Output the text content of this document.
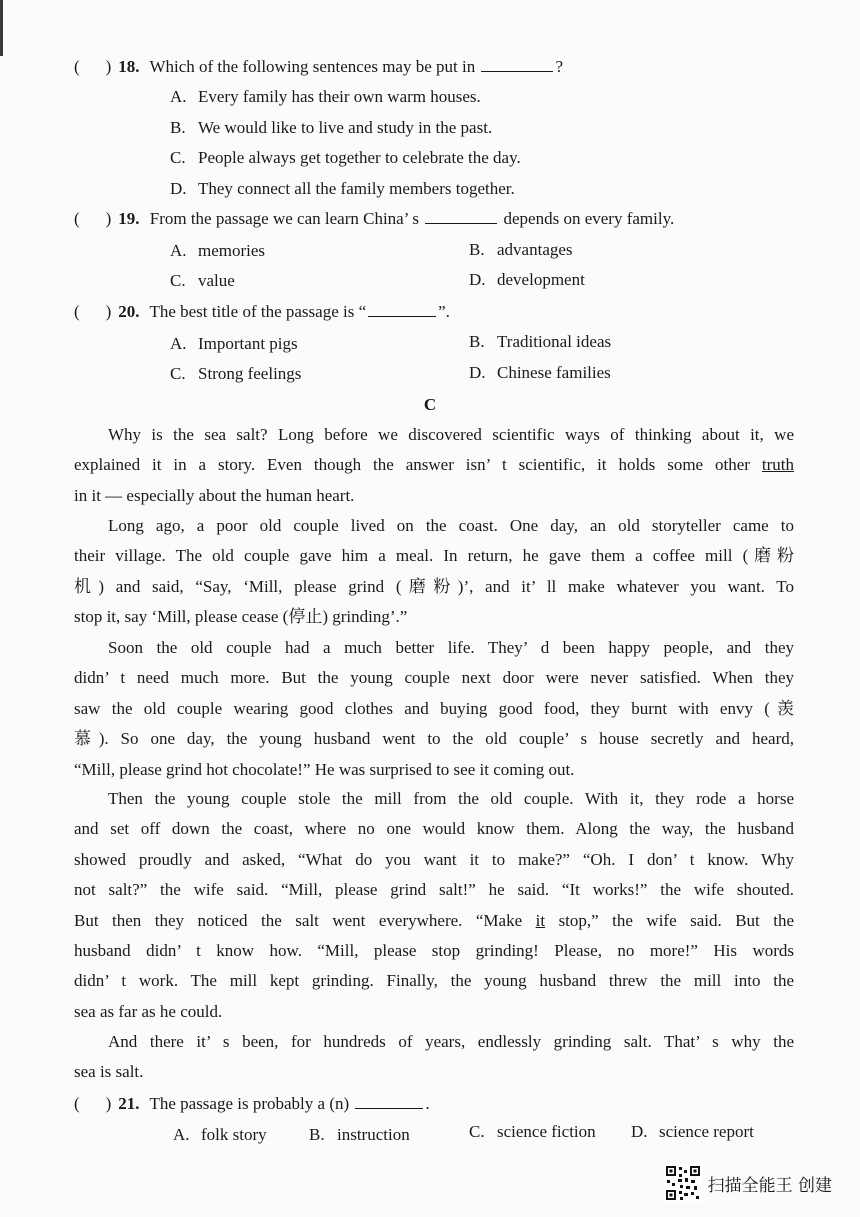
( ) 18. Which of the following sentences may be put in	?
A. Every family has their own warm houses.
B. We would like to live and study in the past.
C. People always get together to celebrate the day.
D. They connect all the family members together.
( ) 19. From the passage we can learn China’ s	depends on every family.
A. memories	B. advantages
C. value	D. development
( ) 20. The best title of the passage is “	”.
A. Important pigs	B. Traditional ideas
C. Strong feelings	D. Chinese families
C
Why is the sea salt? Long before we discovered scientific ways of thinking about it, we
explained it in a story. Even though the answer isn’ t scientific, it holds some other truth
in it — especially about the human heart.
Long ago, a poor old couple lived on the coast. One day, an old storyteller came to
their village. The old couple gave him a meal. In return, he gave them a coffee mill (磨粉
机) and said, “Say, ‘Mill, please grind (磨粉)’, and it’ ll make whatever you want. To
stop it, say ‘Mill, please cease (停止) grinding’.”
Soon the old couple had a much better life. They’ d been happy people, and they
didn’ t need much more. But the young couple next door were never satisfied. When they
saw the old couple wearing good clothes and buying good food, they burnt with envy (羡
慕). So one day, the young husband went to the old couple’ s house secretly and heard,
“Mill, please grind hot chocolate!” He was surprised to see it coming out.
Then the young couple stole the mill from the old couple. With it, they rode a horse
and set off down the coast, where no one would know them. Along the way, the husband
showed proudly and asked, “What do you want it to make?” “Oh. I don’ t know. Why
not salt?” the wife said. “Mill, please grind salt!” he said. “It works!” the wife shouted.
But then they noticed the salt went everywhere. “Make it stop,” the wife said. But the
husband didn’ t know how. “Mill, please stop grinding! Please, no more!” His words
didn’ t work. The mill kept grinding. Finally, the young husband threw the mill into the
sea as far as he could.
And there it’ s been, for hundreds of years, endlessly grinding salt. That’ s why the
sea is salt.
( ) 21. The passage is probably a (n)	.
A. folk story B. instruction	C. science fiction D. science report
扫描全能王 创建
